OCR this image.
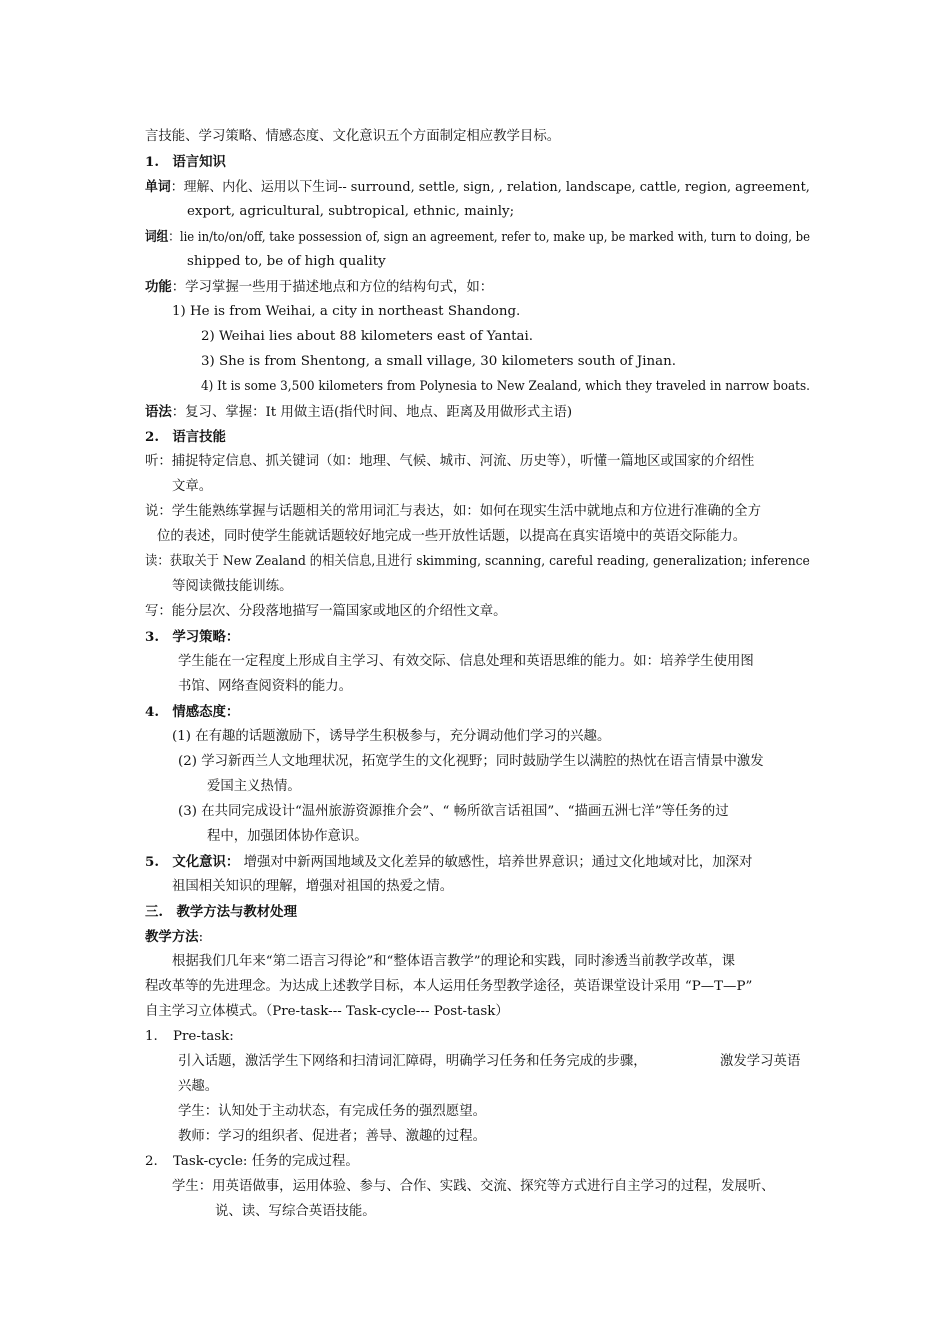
言技能、学习策略、情感态度、文化意识五个方面制定相应教学目标。
1.　语言知识
单词：理解、内化、运用以下生词-- surround, settle, sign, , relation, landscape, cattle, region, agreement,
export, agricultural, subtropical, ethnic, mainly;
词组：lie in/to/on/off, take possession of, sign an agreement, refer to, make up, be marked with, turn to doing, be
shipped to, be of high quality
功能：学习掌握一些用于描述地点和方位的结构句式，如：
1) He is from Weihai, a city in northeast Shandong.
2) Weihai lies about 88 kilometers east of Yantai.
3) She is from Shentong, a small village, 30 kilometers south of Jinan.
4) It is some 3,500 kilometers from Polynesia to New Zealand, which they traveled in narrow boats.
语法：复习、掌握：It 用做主语(指代时间、地点、距离及用做形式主语)
2.　语言技能
听：捕捉特定信息、抓关键词（如：地理、气候、城市、河流、历史等），听懂一篇地区或国家的介绍性
文章。
说：学生能熟练掌握与话题相关的常用词汇与表达，如：如何在现实生活中就地点和方位进行准确的全方
位的表述，同时使学生能就话题较好地完成一些开放性话题，以提高在真实语境中的英语交际能力。
读：获取关于 New Zealand 的相关信息,且进行 skimming, scanning, careful reading, generalization; inference
等阅读微技能训练。
写：能分层次、分段落地描写一篇国家或地区的介绍性文章。
3.　学习策略：
学生能在一定程度上形成自主学习、有效交际、信息处理和英语思维的能力。如：培养学生使用图
书馆、网络查阅资料的能力。
4.　情感态度：
(1) 在有趣的话题激励下，诱导学生积极参与，充分调动他们学习的兴趣。
(2) 学习新西兰人文地理状况，拓宽学生的文化视野；同时鼓励学生以满腔的热忱在语言情景中激发
爱国主义热情。
(3) 在共同完成设计“温州旅游资源推介会”、“ 畅所欲言话祖国”、“描画五洲七洋”等任务的过
程中，加强团体协作意识。
5.　文化意识： 增强对中新两国地域及文化差异的敏感性，培养世界意识；通过文化地域对比，加深对
祖国相关知识的理解，增强对祖国的热爱之情。
三.　教学方法与教材处理
教学方法:
根据我们几年来“第二语言习得论”和“整体语言教学”的理论和实践，同时渗透当前教学改革，课
程改革等的先进理念。为达成上述教学目标，本人运用任务型教学途径，英语课堂设计采用 “P—T—P”
自主学习立体模式。（Pre-task--- Task-cycle--- Post-task）
1. Pre-task:
引入话题，激活学生下网络和扫清词汇障碍，明确学习任务和任务完成的步骤，	激发学习英语
兴趣。
学生：认知处于主动状态，有完成任务的强烈愿望。
教师：学习的组织者、促进者；善导、激趣的过程。
2. Task-cycle: 任务的完成过程。
学生：用英语做事，运用体验、参与、合作、实践、交流、探究等方式进行自主学习的过程，发展听、
说、读、写综合英语技能。
